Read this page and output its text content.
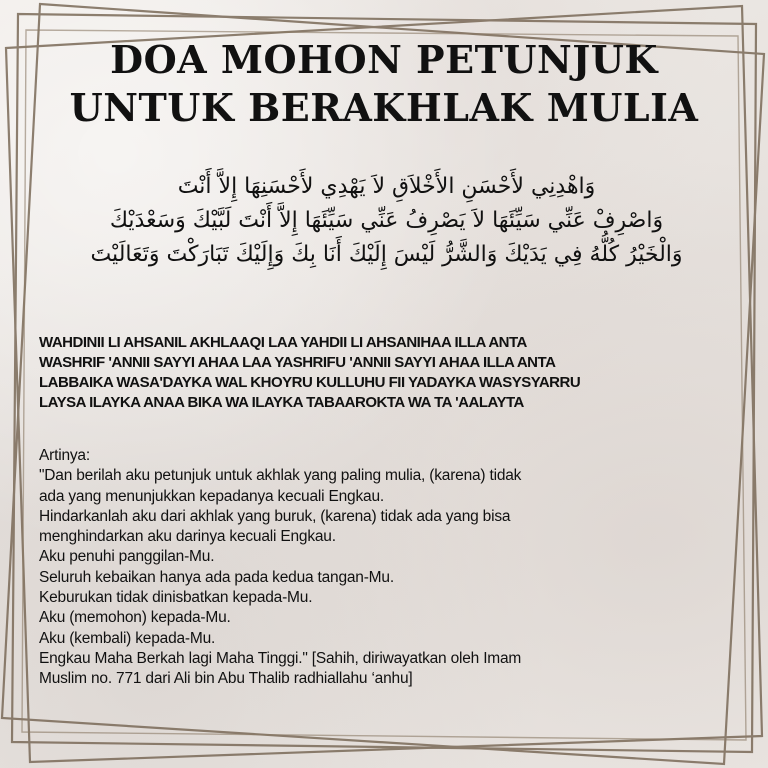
DOA MOHON PETUNJUK
UNTUK BERAKHLAK MULIA
وَاهْدِنِي لأَحْسَنِ الأَخْلاَقِ لاَ يَهْدِي لأَحْسَنِهَا إِلاَّ أَنْتَ
وَاصْرِفْ عَنِّي سَيِّئَهَا لاَ يَصْرِفُ عَنِّي سَيِّئَهَا إِلاَّ أَنْتَ لَبَّيْكَ وَسَعْدَيْكَ
وَالْخَيْرُ كُلُّهُ فِي يَدَيْكَ وَالشَّرُّ لَيْسَ إِلَيْكَ أَنَا بِكَ وَإِلَيْكَ تَبَارَكْتَ وَتَعَالَيْتَ
WAHDINII LI AHSANIL AKHLAAQI LAA YAHDII LI AHSANIHAA ILLA ANTA
WASHRIF 'ANNII SAYYI AHAA LAA YASHRIFU 'ANNII SAYYI AHAA ILLA ANTA
LABBAIKA WASA'DAYKA WAL KHOYRU KULLUHU FII YADAYKA WASYSYARRU
LAYSA ILAYKA ANAA BIKA WA ILAYKA TABAAROKTA WA TA 'AALAYTA
Artinya:
"Dan berilah aku petunjuk untuk akhlak yang paling mulia, (karena) tidak
ada yang menunjukkan kepadanya kecuali Engkau.
Hindarkanlah aku dari akhlak yang buruk, (karena) tidak ada yang bisa
menghindarkan aku darinya kecuali Engkau.
Aku penuhi panggilan-Mu.
Seluruh kebaikan hanya ada pada kedua tangan-Mu.
Keburukan tidak dinisbatkan kepada-Mu.
Aku (memohon) kepada-Mu.
Aku (kembali) kepada-Mu.
Engkau Maha Berkah lagi Maha Tinggi." [Sahih, diriwayatkan oleh Imam
Muslim no. 771 dari Ali bin Abu Thalib radhiallahu ‘anhu]
